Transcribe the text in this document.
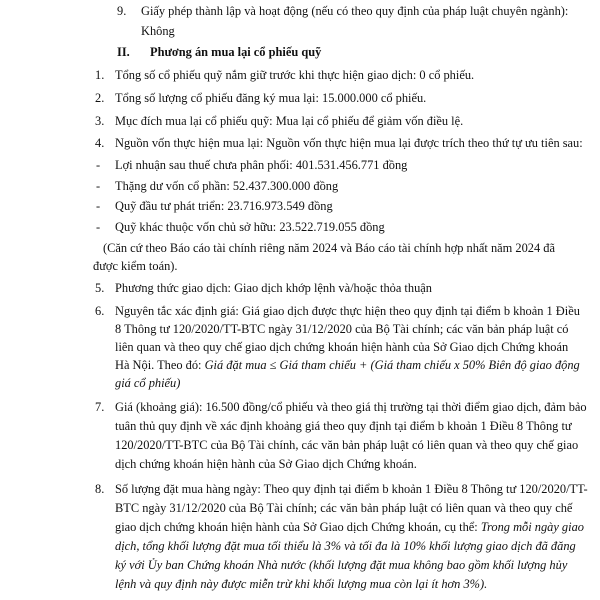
9. Giấy phép thành lập và hoạt động (nếu có theo quy định của pháp luật chuyên ngành):
Không
II. Phương án mua lại cổ phiếu quỹ
1. Tổng số cổ phiếu quỹ nắm giữ trước khi thực hiện giao dịch: 0 cổ phiếu.
2. Tổng số lượng cổ phiếu đăng ký mua lại: 15.000.000 cổ phiếu.
3. Mục đích mua lại cổ phiếu quỹ: Mua lại cổ phiếu để giảm vốn điều lệ.
4. Nguồn vốn thực hiện mua lại: Nguồn vốn thực hiện mua lại được trích theo thứ tự ưu tiên sau:
- Lợi nhuận sau thuế chưa phân phối: 401.531.456.771 đồng
- Thặng dư vốn cổ phần: 52.437.300.000 đồng
- Quỹ đầu tư phát triển: 23.716.973.549 đồng
- Quỹ khác thuộc vốn chủ sở hữu: 23.522.719.055 đồng
(Căn cứ theo Báo cáo tài chính riêng năm 2024 và Báo cáo tài chính hợp nhất năm 2024 đã
được kiểm toán).
5. Phương thức giao dịch: Giao dịch khớp lệnh và/hoặc thỏa thuận
6. Nguyên tắc xác định giá: Giá giao dịch được thực hiện theo quy định tại điểm b khoản 1 Điều
8 Thông tư 120/2020/TT-BTC ngày 31/12/2020 của Bộ Tài chính; các văn bản pháp luật có
liên quan và theo quy chế giao dịch chứng khoán hiện hành của Sở Giao dịch Chứng khoán
Hà Nội. Theo đó: Giá đặt mua ≤ Giá tham chiếu + (Giá tham chiếu x 50% Biên độ giao động
giá cổ phiếu)
7. Giá (khoảng giá): 16.500 đồng/cổ phiếu và theo giá thị trường tại thời điểm giao dịch, đảm bảo
tuân thủ quy định về xác định khoảng giá theo quy định tại điểm b khoản 1 Điều 8 Thông tư
120/2020/TT-BTC của Bộ Tài chính, các văn bản pháp luật có liên quan và theo quy chế giao
dịch chứng khoán hiện hành của Sở Giao dịch Chứng khoán.
8. Số lượng đặt mua hàng ngày: Theo quy định tại điểm b khoản 1 Điều 8 Thông tư 120/2020/TT-
BTC ngày 31/12/2020 của Bộ Tài chính; các văn bản pháp luật có liên quan và theo quy chế
giao dịch chứng khoán hiện hành của Sở Giao dịch Chứng khoán, cụ thể: Trong mỗi ngày giao
dịch, tổng khối lượng đặt mua tối thiểu là 3% và tối đa là 10% khối lượng giao dịch đã đăng
ký với Ủy ban Chứng khoán Nhà nước (khối lượng đặt mua không bao gồm khối lượng hủy
lệnh và quy định này được miễn trừ khi khối lượng mua còn lại ít hơn 3%).
